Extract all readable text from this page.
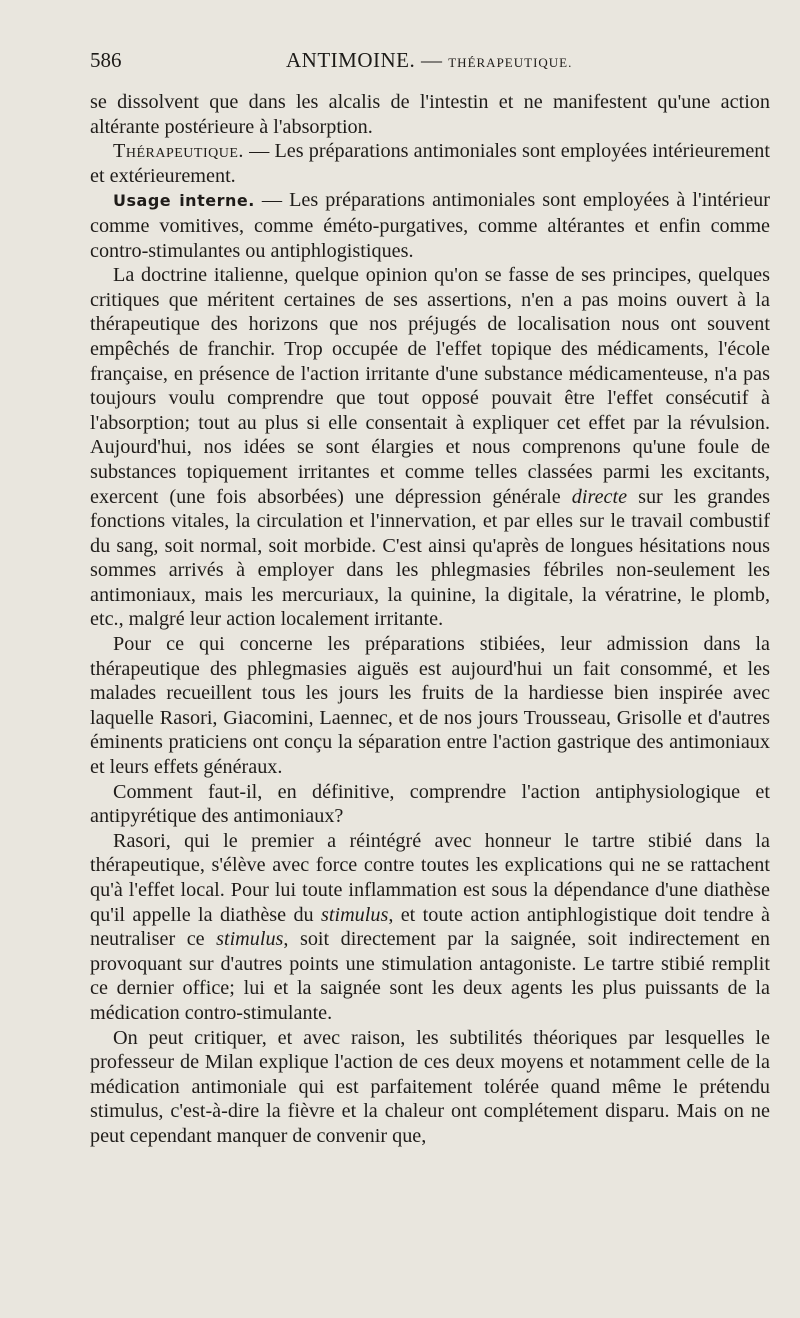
586	ANTIMOINE. — THÉRAPEUTIQUE.

se dissolvent que dans les alcalis de l'intestin et ne manifestent qu'une action altérante postérieure à l'absorption.

Thérapeutique. — Les préparations antimoniales sont employées intérieurement et extérieurement.

Usage interne. — Les préparations antimoniales sont employées à l'intérieur comme vomitives, comme éméto-purgatives, comme altérantes et enfin comme contro-stimulantes ou antiphlogistiques.

La doctrine italienne, quelque opinion qu'on se fasse de ses principes, quelques critiques que méritent certaines de ses assertions, n'en a pas moins ouvert à la thérapeutique des horizons que nos préjugés de localisation nous ont souvent empêchés de franchir. Trop occupée de l'effet topique des médicaments, l'école française, en présence de l'action irritante d'une substance médicamenteuse, n'a pas toujours voulu comprendre que tout opposé pouvait être l'effet consécutif à l'absorption; tout au plus si elle consentait à expliquer cet effet par la révulsion. Aujourd'hui, nos idées se sont élargies et nous comprenons qu'une foule de substances topiquement irritantes et comme telles classées parmi les excitants, exercent (une fois absorbées) une dépression générale directe sur les grandes fonctions vitales, la circulation et l'innervation, et par elles sur le travail combustif du sang, soit normal, soit morbide. C'est ainsi qu'après de longues hésitations nous sommes arrivés à employer dans les phlegmasies fébriles non-seulement les antimoniaux, mais les mercuriaux, la quinine, la digitale, la vératrine, le plomb, etc., malgré leur action localement irritante.

Pour ce qui concerne les préparations stibiées, leur admission dans la thérapeutique des phlegmasies aiguës est aujourd'hui un fait consommé, et les malades recueillent tous les jours les fruits de la hardiesse bien inspirée avec laquelle Rasori, Giacomini, Laennec, et de nos jours Trousseau, Grisolle et d'autres éminents praticiens ont conçu la séparation entre l'action gastrique des antimoniaux et leurs effets généraux.

Comment faut-il, en définitive, comprendre l'action antiphysiologique et antipyrétique des antimoniaux?

Rasori, qui le premier a réintégré avec honneur le tartre stibié dans la thérapeutique, s'élève avec force contre toutes les explications qui ne se rattachent qu'à l'effet local. Pour lui toute inflammation est sous la dépendance d'une diathèse qu'il appelle la diathèse du stimulus, et toute action antiphlogistique doit tendre à neutraliser ce stimulus, soit directement par la saignée, soit indirectement en provoquant sur d'autres points une stimulation antagoniste. Le tartre stibié remplit ce dernier office; lui et la saignée sont les deux agents les plus puissants de la médication contro-stimulante.

On peut critiquer, et avec raison, les subtilités théoriques par lesquelles le professeur de Milan explique l'action de ces deux moyens et notamment celle de la médication antimoniale qui est parfaitement tolérée quand même le prétendu stimulus, c'est-à-dire la fièvre et la chaleur ont complétement disparu. Mais on ne peut cependant manquer de convenir que,
